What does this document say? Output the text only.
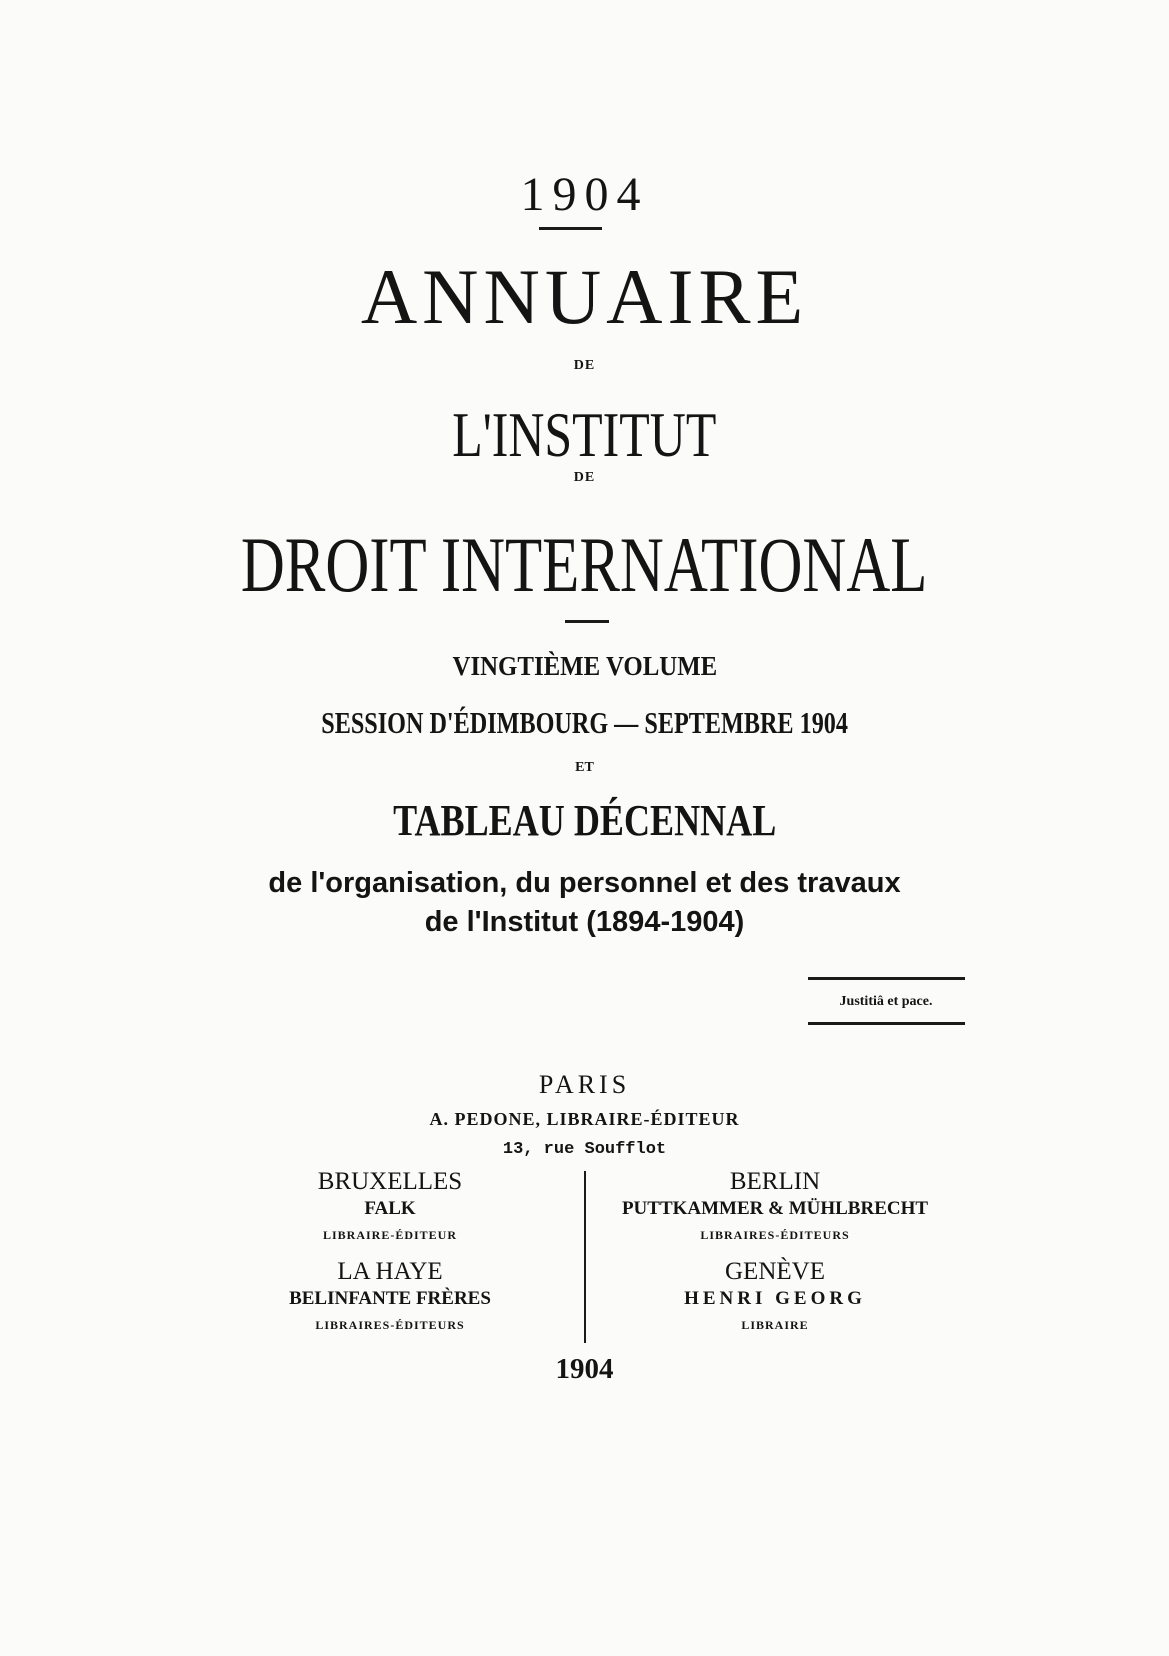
1904
ANNUAIRE
DE
L'INSTITUT
DE
DROIT INTERNATIONAL
VINGTIÈME VOLUME
SESSION D'ÉDIMBOURG — SEPTEMBRE 1904
ET
TABLEAU DÉCENNAL
de l'organisation, du personnel et des travaux
de l'Institut (1894-1904)
Justitiâ et pace.
PARIS
A. PEDONE, LIBRAIRE-ÉDITEUR
13, rue Soufflot
BRUXELLES
FALK
LIBRAIRE-ÉDITEUR
LA HAYE
BELINFANTE FRÈRES
LIBRAIRES-ÉDITEURS
BERLIN
PUTTKAMMER & MÜHLBRECHT
LIBRAIRES-ÉDITEURS
GENÈVE
HENRI GEORG
LIBRAIRE
1904
